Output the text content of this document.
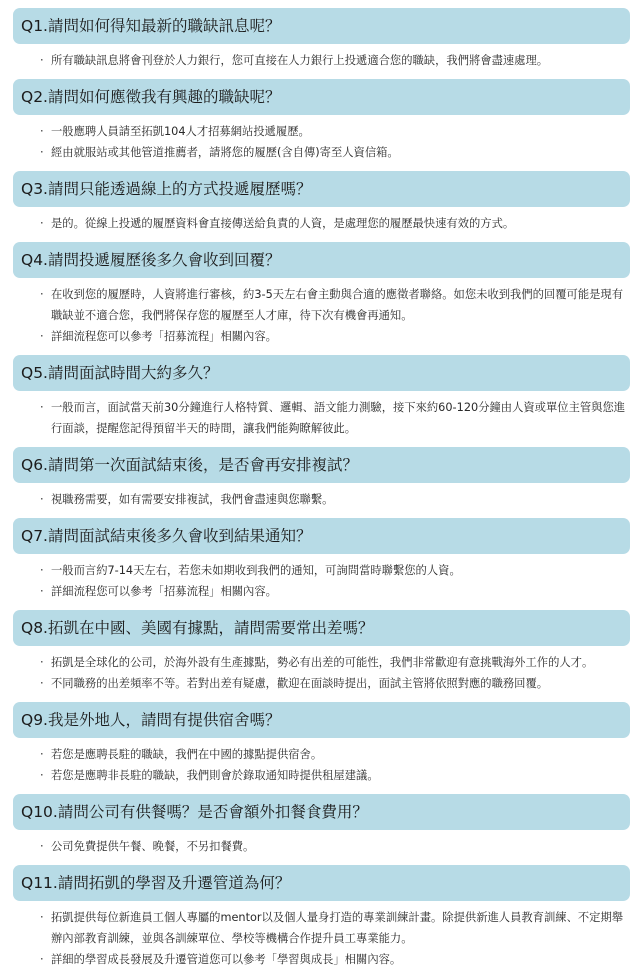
Q1.請問如何得知最新的職缺訊息呢？

· 所有職缺訊息將會刊登於人力銀行，您可直接在人力銀行上投遞適合您的職缺，我們將會盡速處理。

Q2.請問如何應徵我有興趣的職缺呢？

· 一般應聘人員請至拓凱104人才招募網站投遞履歷。

· 經由就服站或其他管道推薦者，請將您的履歷(含自傳)寄至人資信箱。

Q3.請問只能透過線上的方式投遞履歷嗎？

· 是的。從線上投遞的履歷資料會直接傳送給負責的人資，是處理您的履歷最快速有效的方式。

Q4.請問投遞履歷後多久會收到回覆？

· 在收到您的履歷時，人資將進行審核，約3-5天左右會主動與合適的應徵者聯絡。如您未收到我們的回覆可能是現有職缺並不適合您，我們將保存您的履歷至人才庫，待下次有機會再通知。

· 詳細流程您可以參考「招募流程」相關內容。

Q5.請問面試時間大約多久？

· 一般而言，面試當天前30分鐘進行人格特質、邏輯、語文能力測驗，接下來約60-120分鐘由人資或單位主管與您進行面談，提醒您記得預留半天的時間，讓我們能夠瞭解彼此。

Q6.請問第一次面試結束後，是否會再安排複試？

· 視職務需要，如有需要安排複試，我們會盡速與您聯繫。

Q7.請問面試結束後多久會收到結果通知？

· 一般而言約7-14天左右，若您未如期收到我們的通知，可詢問當時聯繫您的人資。

· 詳細流程您可以參考「招募流程」相關內容。

Q8.拓凱在中國、美國有據點，請問需要常出差嗎？

· 拓凱是全球化的公司，於海外設有生產據點，勢必有出差的可能性，我們非常歡迎有意挑戰海外工作的人才。

· 不同職務的出差頻率不等。若對出差有疑慮，歡迎在面談時提出，面試主管將依照對應的職務回覆。

Q9.我是外地人，請問有提供宿舍嗎？

· 若您是應聘長駐的職缺，我們在中國的據點提供宿舍。

· 若您是應聘非長駐的職缺，我們則會於錄取通知時提供租屋建議。

Q10.請問公司有供餐嗎？是否會額外扣餐食費用？

· 公司免費提供午餐、晚餐，不另扣餐費。

Q11.請問拓凱的學習及升遷管道為何？

· 拓凱提供每位新進員工個人專屬的mentor以及個人量身打造的專業訓練計畫。除提供新進人員教育訓練、不定期舉辦內部教育訓練，並與各訓練單位、學校等機構合作提升員工專業能力。

· 詳細的學習成長發展及升遷管道您可以參考「學習與成長」相關內容。
